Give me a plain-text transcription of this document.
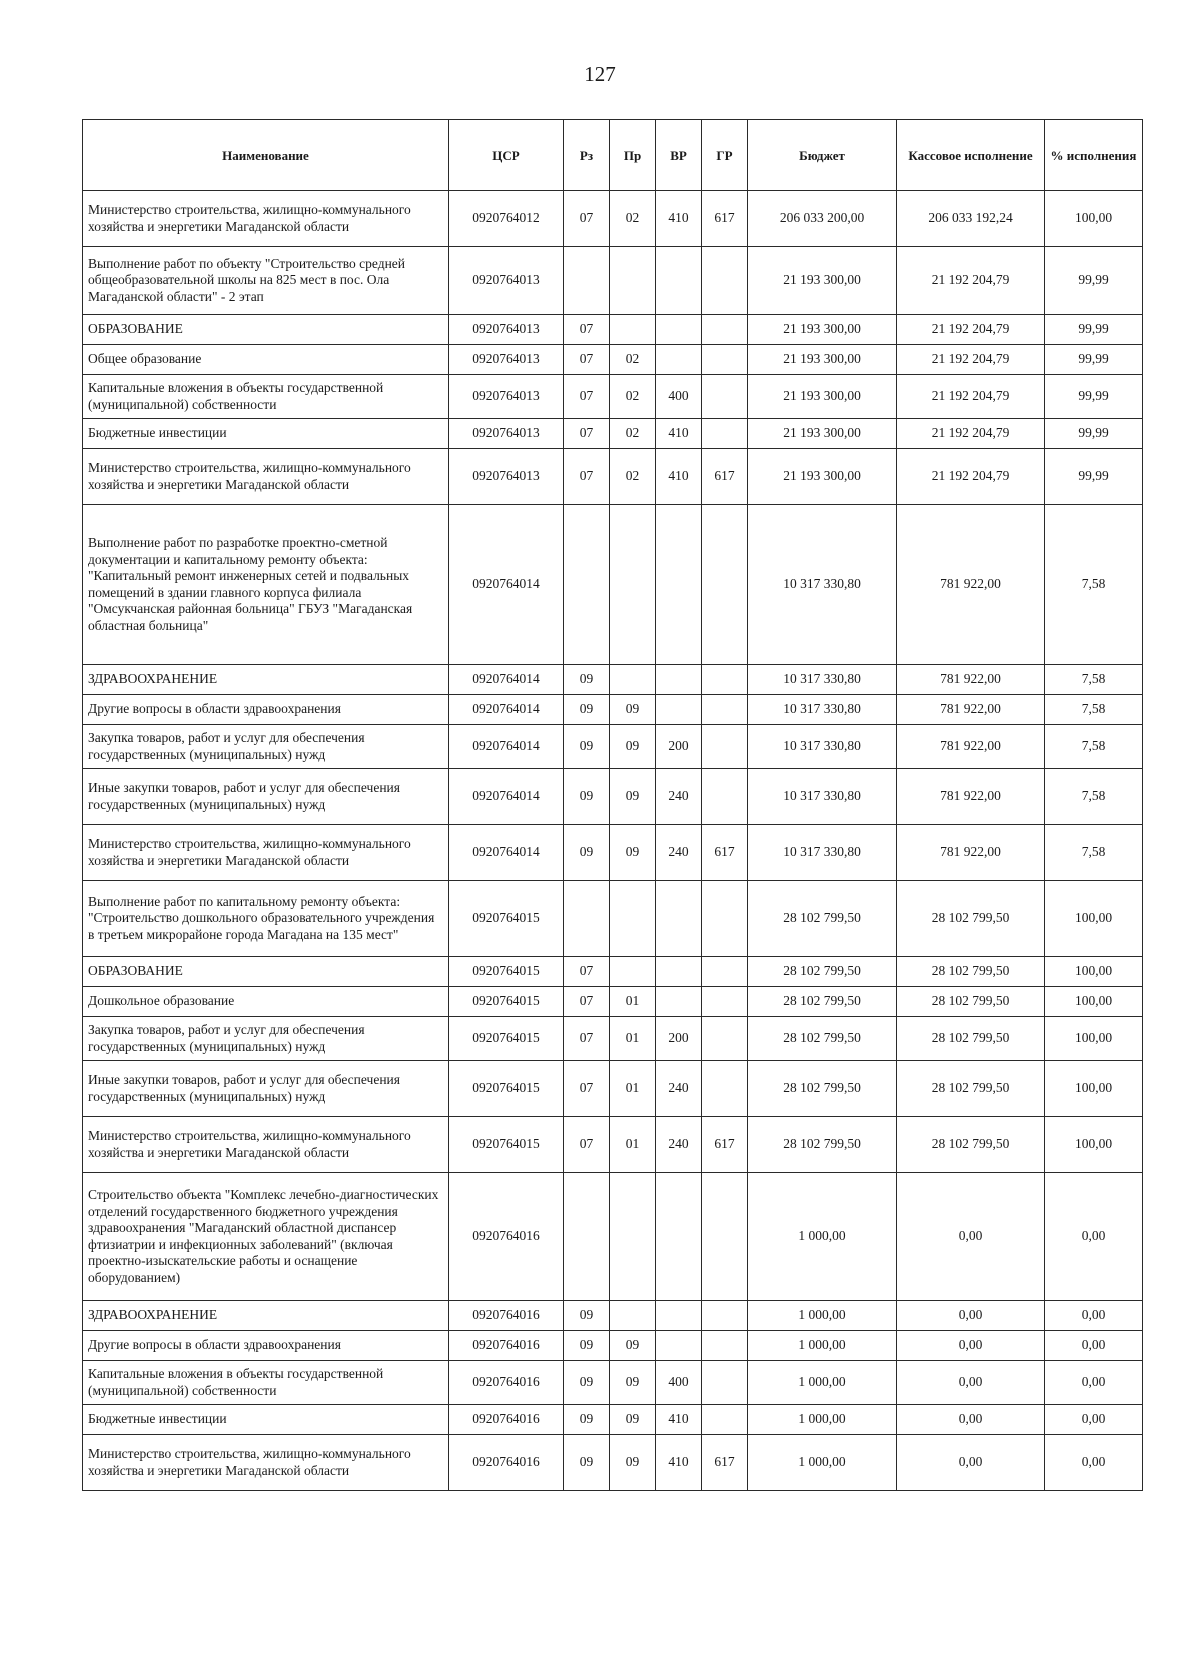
127
Наименование	ЦСР	Рз	Пр	ВР	ГР	Бюджет	Кассовое исполнение	% исполнения
Министерство строительства, жилищно-коммунального хозяйства и энергетики Магаданской области	0920764012	07	02	410	617	206 033 200,00	206 033 192,24	100,00
Выполнение работ по объекту "Строительство средней общеобразовательной школы на 825 мест в пос. Ола Магаданской области" - 2 этап	0920764013					21 193 300,00	21 192 204,79	99,99
ОБРАЗОВАНИЕ	0920764013	07				21 193 300,00	21 192 204,79	99,99
Общее образование	0920764013	07	02			21 193 300,00	21 192 204,79	99,99
Капитальные вложения в объекты государственной (муниципальной) собственности	0920764013	07	02	400		21 193 300,00	21 192 204,79	99,99
Бюджетные инвестиции	0920764013	07	02	410		21 193 300,00	21 192 204,79	99,99
Министерство строительства, жилищно-коммунального хозяйства и энергетики Магаданской области	0920764013	07	02	410	617	21 193 300,00	21 192 204,79	99,99
Выполнение работ по разработке проектно-сметной документации и капитальному ремонту объекта: "Капитальный ремонт инженерных сетей и подвальных помещений в здании главного корпуса филиала "Омсукчанская районная больница" ГБУЗ "Магаданская областная больница"	0920764014					10 317 330,80	781 922,00	7,58
ЗДРАВООХРАНЕНИЕ	0920764014	09				10 317 330,80	781 922,00	7,58
Другие вопросы в области здравоохранения	0920764014	09	09			10 317 330,80	781 922,00	7,58
Закупка товаров, работ и услуг для обеспечения государственных (муниципальных) нужд	0920764014	09	09	200		10 317 330,80	781 922,00	7,58
Иные закупки товаров, работ и услуг для обеспечения государственных (муниципальных) нужд	0920764014	09	09	240		10 317 330,80	781 922,00	7,58
Министерство строительства, жилищно-коммунального хозяйства и энергетики Магаданской области	0920764014	09	09	240	617	10 317 330,80	781 922,00	7,58
Выполнение работ по капитальному ремонту объекта: "Строительство дошкольного образовательного учреждения в третьем микрорайоне города Магадана на 135 мест"	0920764015					28 102 799,50	28 102 799,50	100,00
ОБРАЗОВАНИЕ	0920764015	07				28 102 799,50	28 102 799,50	100,00
Дошкольное образование	0920764015	07	01			28 102 799,50	28 102 799,50	100,00
Закупка товаров, работ и услуг для обеспечения государственных (муниципальных) нужд	0920764015	07	01	200		28 102 799,50	28 102 799,50	100,00
Иные закупки товаров, работ и услуг для обеспечения государственных (муниципальных) нужд	0920764015	07	01	240		28 102 799,50	28 102 799,50	100,00
Министерство строительства, жилищно-коммунального хозяйства и энергетики Магаданской области	0920764015	07	01	240	617	28 102 799,50	28 102 799,50	100,00
Строительство объекта "Комплекс лечебно-диагностических отделений государственного бюджетного учреждения здравоохранения "Магаданский областной диспансер фтизиатрии и инфекционных заболеваний" (включая проектно-изыскательские работы и оснащение оборудованием)	0920764016					1 000,00	0,00	0,00
ЗДРАВООХРАНЕНИЕ	0920764016	09				1 000,00	0,00	0,00
Другие вопросы в области здравоохранения	0920764016	09	09			1 000,00	0,00	0,00
Капитальные вложения в объекты государственной (муниципальной) собственности	0920764016	09	09	400		1 000,00	0,00	0,00
Бюджетные инвестиции	0920764016	09	09	410		1 000,00	0,00	0,00
Министерство строительства, жилищно-коммунального хозяйства и энергетики Магаданской области	0920764016	09	09	410	617	1 000,00	0,00	0,00
